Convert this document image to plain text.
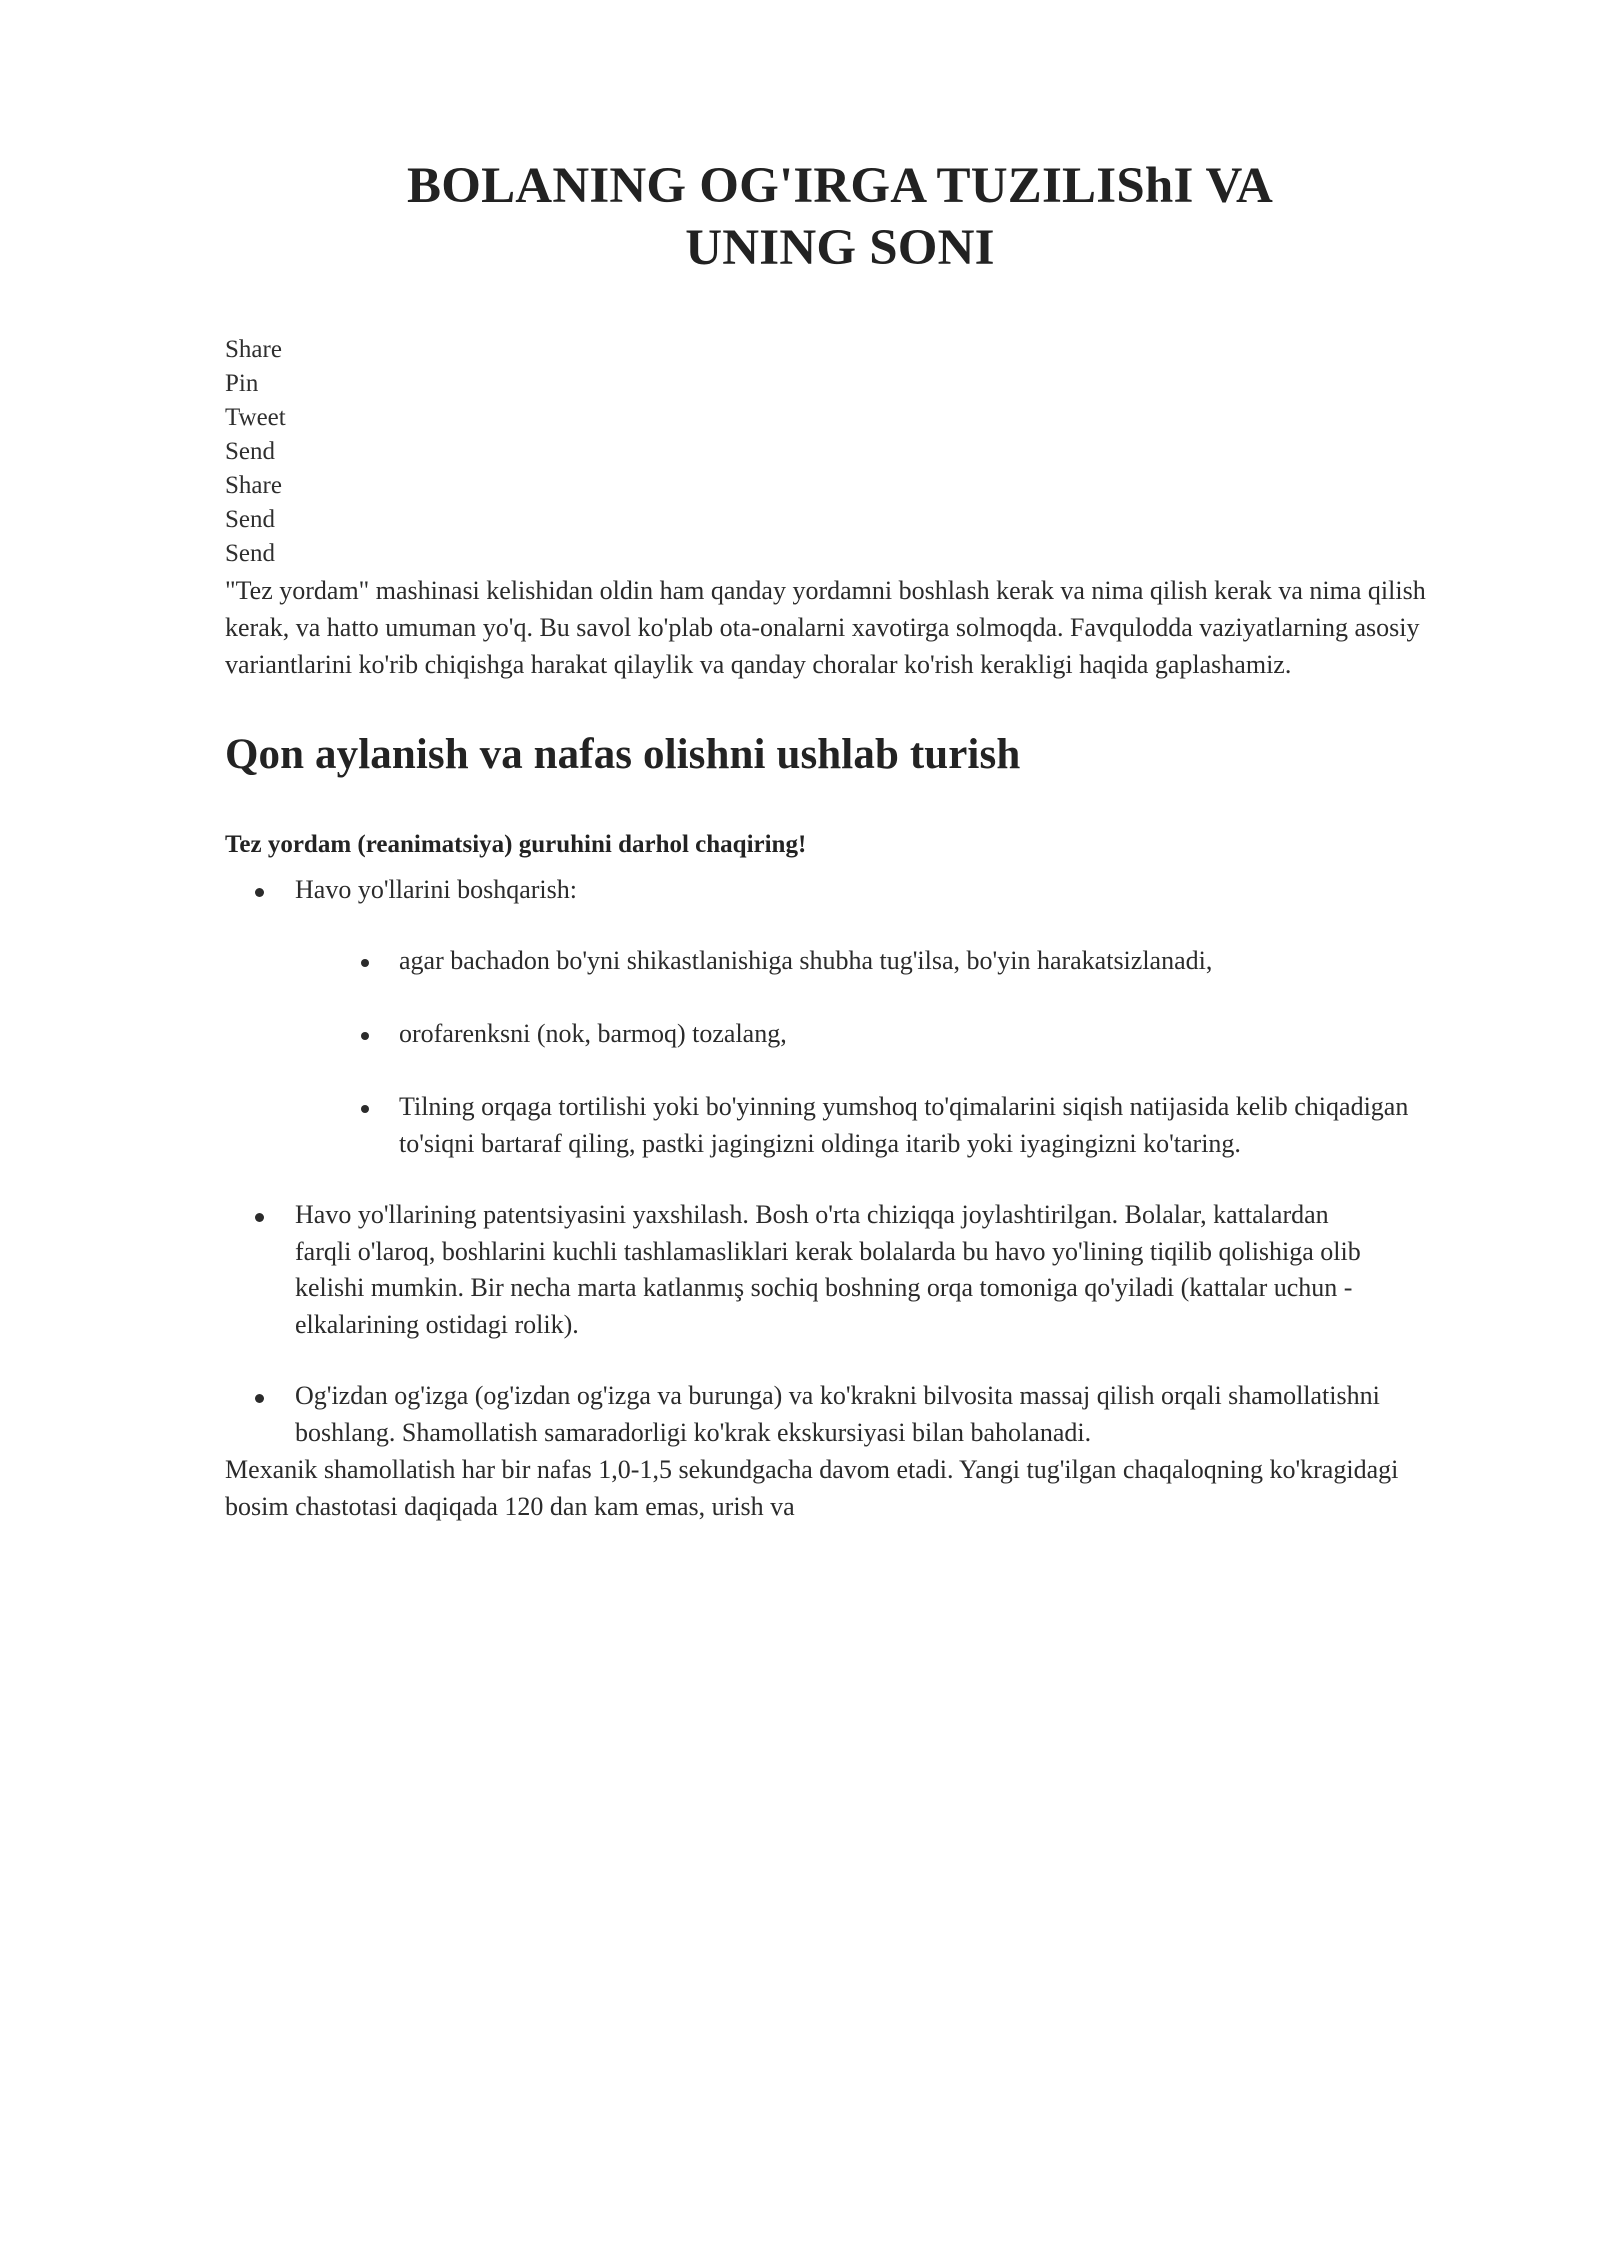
BOLANING OG'IRGA TUZILIShI VA
UNING SONI
Share
Pin
Tweet
Send
Share
Send
Send

"Tez yordam" mashinasi kelishidan oldin ham qanday yordamni boshlash kerak va nima qilish kerak va nima qilish kerak, va hatto umuman yo'q. Bu savol ko'plab ota-onalarni xavotirga solmoqda. Favqulodda vaziyatlarning asosiy variantlarini ko'rib chiqishga harakat qilaylik va qanday choralar ko'rish kerakligi haqida gaplashamiz.

Qon aylanish va nafas olishni ushlab turish

Tez yordam (reanimatsiya) guruhini darhol chaqiring!

Havo yo'llarini boshqarish:
agar bachadon bo'yni shikastlanishiga shubha tug'ilsa, bo'yin harakatsizlanadi,
orofarenksni (nok, barmoq) tozalang,
Tilning orqaga tortilishi yoki bo'yinning yumshoq to'qimalarini siqish natijasida kelib chiqadigan to'siqni bartaraf qiling, pastki jagingizni oldinga itarib yoki iyagingizni ko'taring.
Havo yo'llarining patentsiyasini yaxshilash. Bosh o'rta chiziqqa joylashtirilgan. Bolalar, kattalardan farqli o'laroq, boshlarini kuchli tashlamasliklari kerak bolalarda bu havo yo'lining tiqilib qolishiga olib kelishi mumkin. Bir necha marta katlanmış sochiq boshning orqa tomoniga qo'yiladi (kattalar uchun - elkalarining ostidagi rolik).
Og'izdan og'izga (og'izdan og'izga va burunga) va ko'krakni bilvosita massaj qilish orqali shamollatishni boshlang. Shamollatish samaradorligi ko'krak ekskursiyasi bilan baholanadi.

Mexanik shamollatish har bir nafas 1,0-1,5 sekundgacha davom etadi. Yangi tug'ilgan chaqaloqning ko'kragidagi bosim chastotasi daqiqada 120 dan kam emas, urish va
